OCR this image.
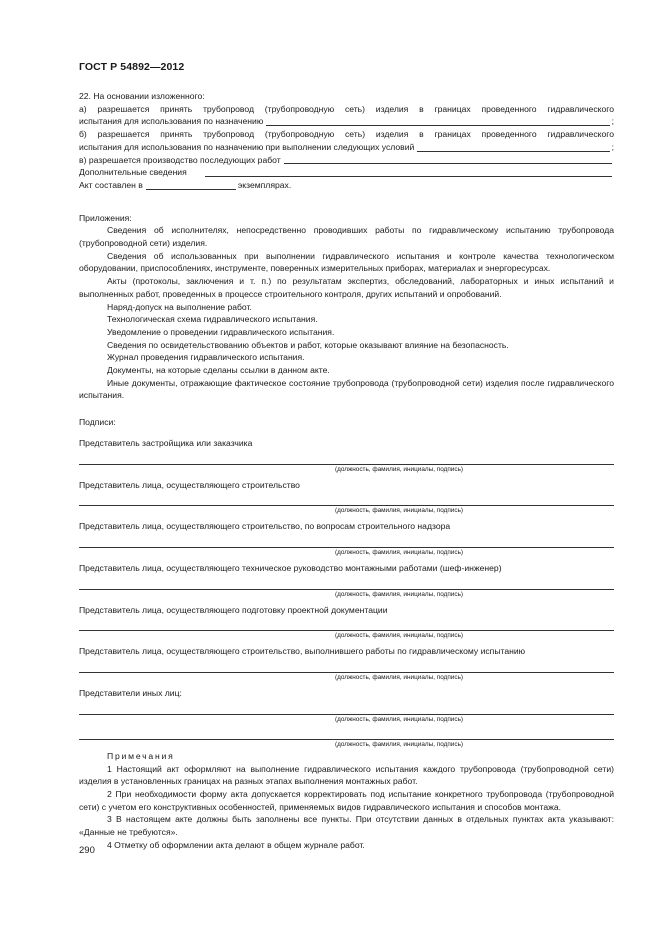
ГОСТ Р 54892—2012
22. На основании изложенного:
а) разрешается принять трубопровод (трубопроводную сеть) изделия в границах проведенного гидравлического
испытания для использования по назначению	;
б) разрешается принять трубопровод (трубопроводную сеть) изделия в границах проведенного гидравлического
испытания для использования по назначению при выполнении следующих условий	;
в) разрешается производство последующих работ
Дополнительные сведения
Акт составлен в	экземплярах.
Приложения:
Сведения об исполнителях, непосредственно проводивших работы по гидравлическому испытанию трубопровода (трубопроводной сети) изделия.
Сведения об использованных при выполнении гидравлического испытания и контроле качества технологическом оборудовании, приспособлениях, инструменте, поверенных измерительных приборах, материалах и энергоресурсах.
Акты (протоколы, заключения и т. п.) по результатам экспертиз, обследований, лабораторных и иных испытаний и выполненных работ, проведенных в процессе строительного контроля, других испытаний и опробований.
Наряд-допуск на выполнение работ.
Технологическая схема гидравлического испытания.
Уведомление о проведении гидравлического испытания.
Сведения по освидетельствованию объектов и работ, которые оказывают влияние на безопасность.
Журнал проведения гидравлического испытания.
Документы, на которые сделаны ссылки в данном акте.
Иные документы, отражающие фактическое состояние трубопровода (трубопроводной сети) изделия после гидравлического испытания.
Подписи:
Представитель застройщика или заказчика
(должность, фамилия, инициалы, подпись)
Представитель лица, осуществляющего строительство
(должность, фамилия, инициалы, подпись)
Представитель лица, осуществляющего строительство, по вопросам строительного надзора
(должность, фамилия, инициалы, подпись)
Представитель лица, осуществляющего техническое руководство монтажными работами (шеф-инженер)
(должность, фамилия, инициалы, подпись)
Представитель лица, осуществляющего подготовку проектной документации
(должность, фамилия, инициалы, подпись)
Представитель лица, осуществляющего строительство, выполнившего работы по гидравлическому испытанию
(должность, фамилия, инициалы, подпись)
Представители иных лиц:
(должность, фамилия, инициалы, подпись)
(должность, фамилия, инициалы, подпись)
Примечания
1 Настоящий акт оформляют на выполнение гидравлического испытания каждого трубопровода (трубопроводной сети) изделия в установленных границах на разных этапах выполнения монтажных работ.
2 При необходимости форму акта допускается корректировать под испытание конкретного трубопровода (трубопроводной сети) с учетом его конструктивных особенностей, применяемых видов гидравлического испытания и способов монтажа.
3 В настоящем акте должны быть заполнены все пункты. При отсутствии данных в отдельных пунктах акта указывают: «Данные не требуются».
4 Отметку об оформлении акта делают в общем журнале работ.
290
